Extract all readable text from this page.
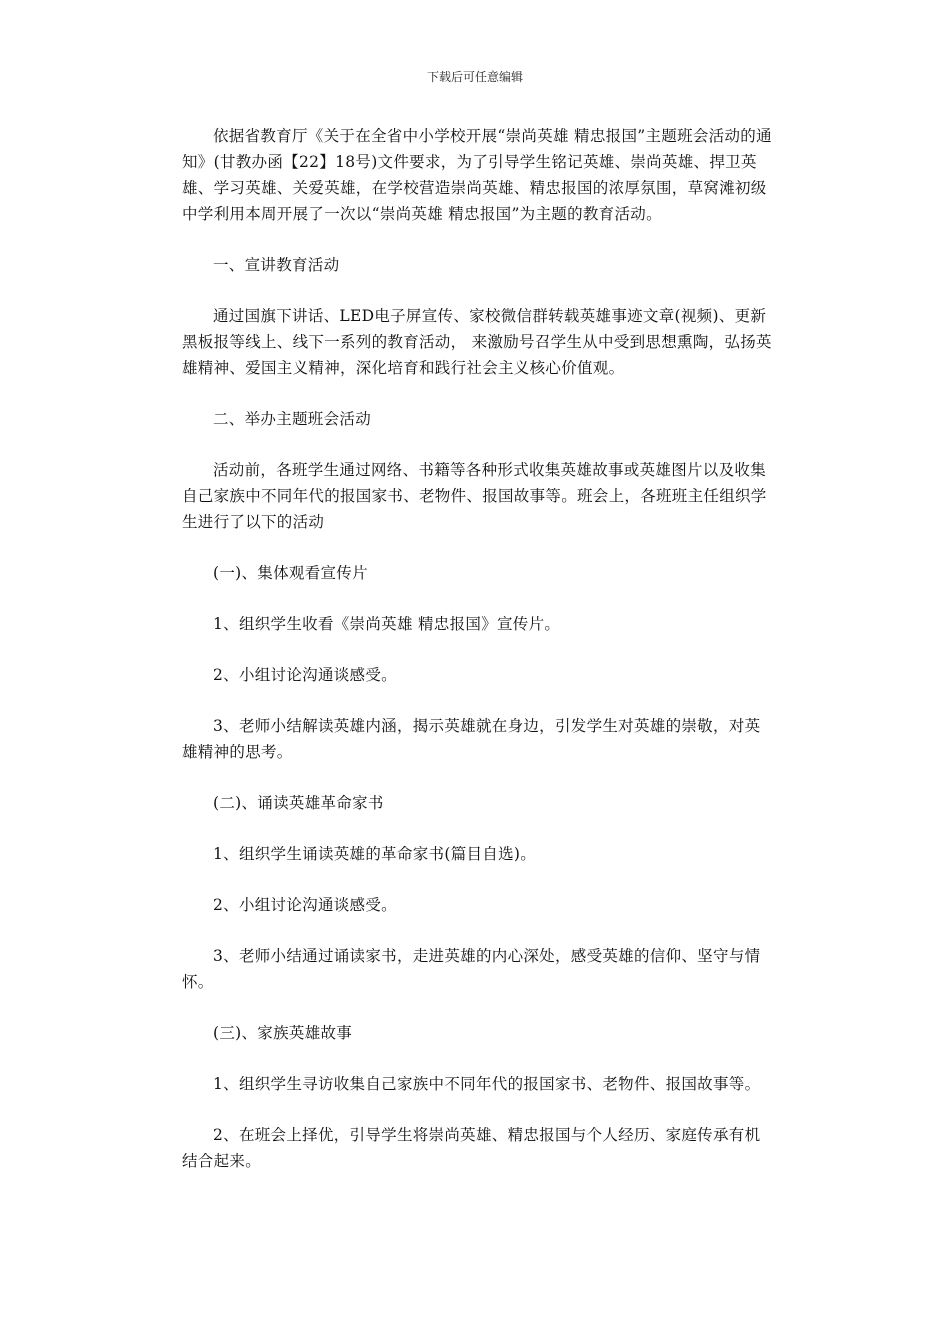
下载后可任意编辑

依据省教育厅《关于在全省中小学校开展“崇尚英雄 精忠报国”主题班会活动的通知》(甘教办函【22】18号)文件要求，为了引导学生铭记英雄、崇尚英雄、捍卫英雄、学习英雄、关爱英雄，在学校营造崇尚英雄、精忠报国的浓厚氛围，草窝滩初级中学利用本周开展了一次以“崇尚英雄 精忠报国”为主题的教育活动。

一、宣讲教育活动

通过国旗下讲话、LED电子屏宣传、家校微信群转载英雄事迹文章(视频)、更新黑板报等线上、线下一系列的教育活动， 来激励号召学生从中受到思想熏陶，弘扬英雄精神、爱国主义精神，深化培育和践行社会主义核心价值观。

二、举办主题班会活动

活动前，各班学生通过网络、书籍等各种形式收集英雄故事或英雄图片以及收集自己家族中不同年代的报国家书、老物件、报国故事等。班会上，各班班主任组织学生进行了以下的活动

(一)、集体观看宣传片

1、组织学生收看《崇尚英雄 精忠报国》宣传片。

2、小组讨论沟通谈感受。

3、老师小结解读英雄内涵，揭示英雄就在身边，引发学生对英雄的崇敬，对英雄精神的思考。

(二)、诵读英雄革命家书

1、组织学生诵读英雄的革命家书(篇目自选)。

2、小组讨论沟通谈感受。

3、老师小结通过诵读家书，走进英雄的内心深处，感受英雄的信仰、坚守与情怀。

(三)、家族英雄故事

1、组织学生寻访收集自己家族中不同年代的报国家书、老物件、报国故事等。

2、在班会上择优，引导学生将崇尚英雄、精忠报国与个人经历、家庭传承有机结合起来。
